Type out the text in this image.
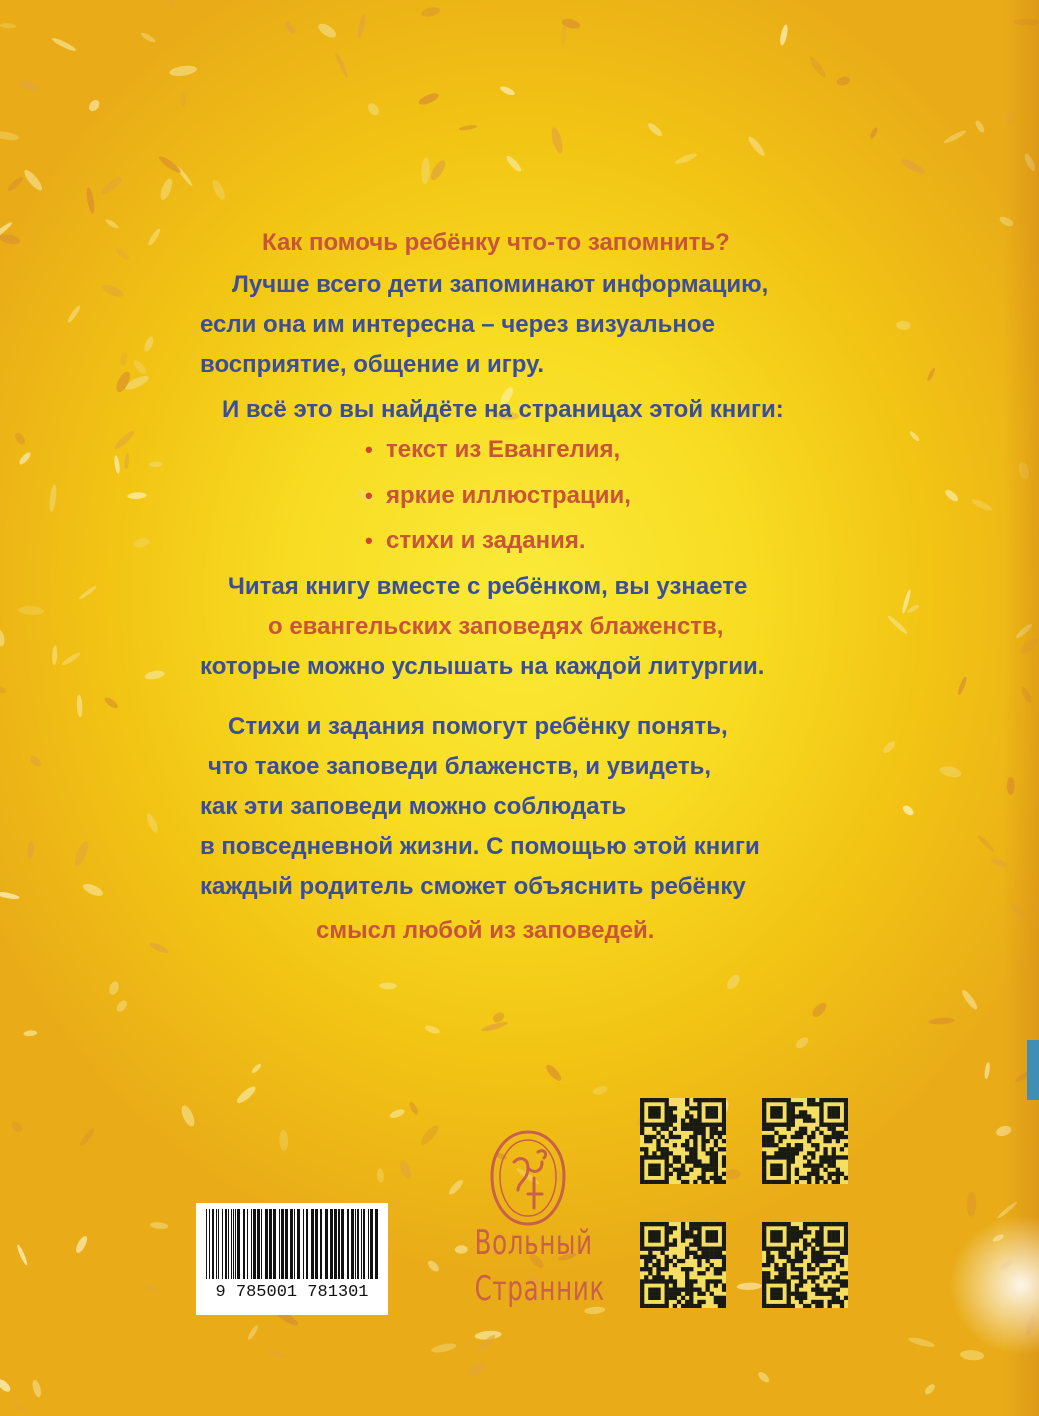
Как помочь ребёнку что-то запомнить?

Лучше всего дети запоминают информацию,

если она им интересна – через визуальное

восприятие, общение и игру.

И всё это вы найдёте на страницах этой книги:

• текст из Евангелия,

• яркие иллюстрации,

• стихи и задания.

Читая книгу вместе с ребёнком, вы узнаете

о евангельских заповедях блаженств,

которые можно услышать на каждой литургии.

Стихи и задания помогут ребёнку понять,

что такое заповеди блаженств, и увидеть,

как эти заповеди можно соблюдать

в повседневной жизни. С помощью этой книги

каждый родитель сможет объяснить ребёнку

смысл любой из заповедей.

9 785001 781301
Вольный
Странник
